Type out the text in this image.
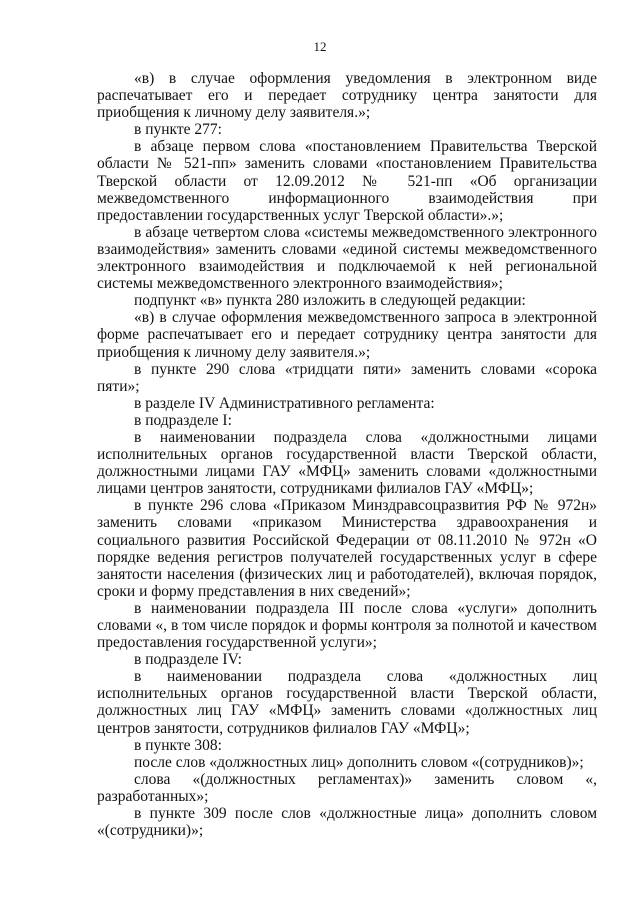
12

«в) в случае оформления уведомления в электронном виде распечатывает его и передает сотруднику центра занятости для приобщения к личному делу заявителя.»;

в пункте 277:

в абзаце первом слова «постановлением Правительства Тверской области № 521-пп» заменить словами «постановлением Правительства Тверской области от 12.09.2012 № 521-пп «Об организации межведомственного информационного взаимодействия при предоставлении государственных услуг Тверской области».»;

в абзаце четвертом слова «системы межведомственного электронного взаимодействия» заменить словами «единой системы межведомственного электронного взаимодействия и подключаемой к ней региональной системы межведомственного электронного взаимодействия»;

подпункт «в» пункта 280 изложить в следующей редакции:

«в) в случае оформления межведомственного запроса в электронной форме распечатывает его и передает сотруднику центра занятости для приобщения к личному делу заявителя.»;

в пункте 290 слова «тридцати пяти» заменить словами «сорока пяти»;

в разделе IV Административного регламента:

в подразделе I:

в наименовании подраздела слова «должностными лицами исполнительных органов государственной власти Тверской области, должностными лицами ГАУ «МФЦ» заменить словами «должностными лицами центров занятости, сотрудниками филиалов ГАУ «МФЦ»;

в пункте 296 слова «Приказом Минздравсоцразвития РФ № 972н» заменить словами «приказом Министерства здравоохранения и социального развития Российской Федерации от 08.11.2010 № 972н «О порядке ведения регистров получателей государственных услуг в сфере занятости населения (физических лиц и работодателей), включая порядок, сроки и форму представления в них сведений»;

в наименовании подраздела III после слова «услуги» дополнить словами «, в том числе порядок и формы контроля за полнотой и качеством предоставления государственной услуги»;

в подразделе IV:

в наименовании подраздела слова «должностных лиц исполнительных органов государственной власти Тверской области, должностных лиц ГАУ «МФЦ» заменить словами «должностных лиц центров занятости, сотрудников филиалов ГАУ «МФЦ»;

в пункте 308:

после слов «должностных лиц» дополнить словом «(сотрудников)»;

слова «(должностных регламентах)» заменить словом «, разработанных»;

в пункте 309 после слов «должностные лица» дополнить словом «(сотрудники)»;
